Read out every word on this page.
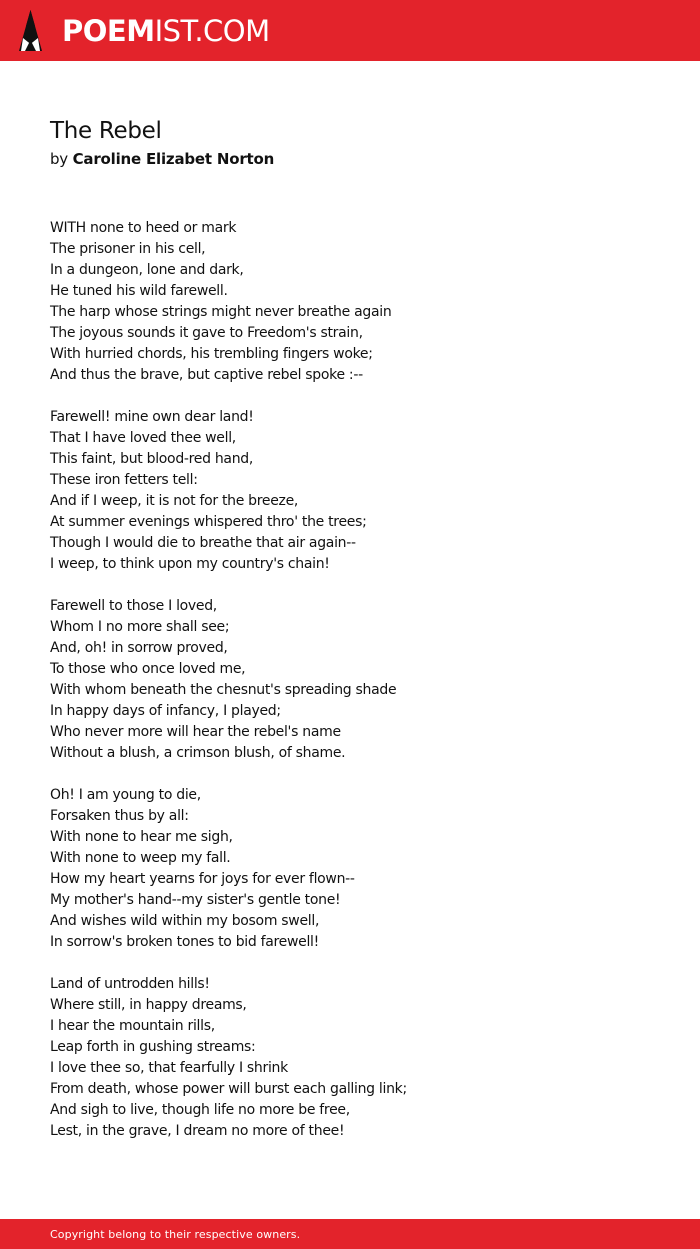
POEMIST.COM
The Rebel
by Caroline Elizabet Norton
WITH none to heed or mark
The prisoner in his cell,
In a dungeon, lone and dark,
He tuned his wild farewell.
The harp whose strings might never breathe again
The joyous sounds it gave to Freedom's strain,
With hurried chords, his trembling fingers woke;
And thus the brave, but captive rebel spoke :--
Farewell! mine own dear land!
That I have loved thee well,
This faint, but blood-red hand,
These iron fetters tell:
And if I weep, it is not for the breeze,
At summer evenings whispered thro' the trees;
Though I would die to breathe that air again--
I weep, to think upon my country's chain!
Farewell to those I loved,
Whom I no more shall see;
And, oh! in sorrow proved,
To those who once loved me,
With whom beneath the chesnut's spreading shade
In happy days of infancy, I played;
Who never more will hear the rebel's name
Without a blush, a crimson blush, of shame.
Oh! I am young to die,
Forsaken thus by all:
With none to hear me sigh,
With none to weep my fall.
How my heart yearns for joys for ever flown--
My mother's hand--my sister's gentle tone!
And wishes wild within my bosom swell,
In sorrow's broken tones to bid farewell!
Land of untrodden hills!
Where still, in happy dreams,
I hear the mountain rills,
Leap forth in gushing streams:
I love thee so, that fearfully I shrink
From death, whose power will burst each galling link;
And sigh to live, though life no more be free,
Lest, in the grave, I dream no more of thee!
Copyright belong to their respective owners.
